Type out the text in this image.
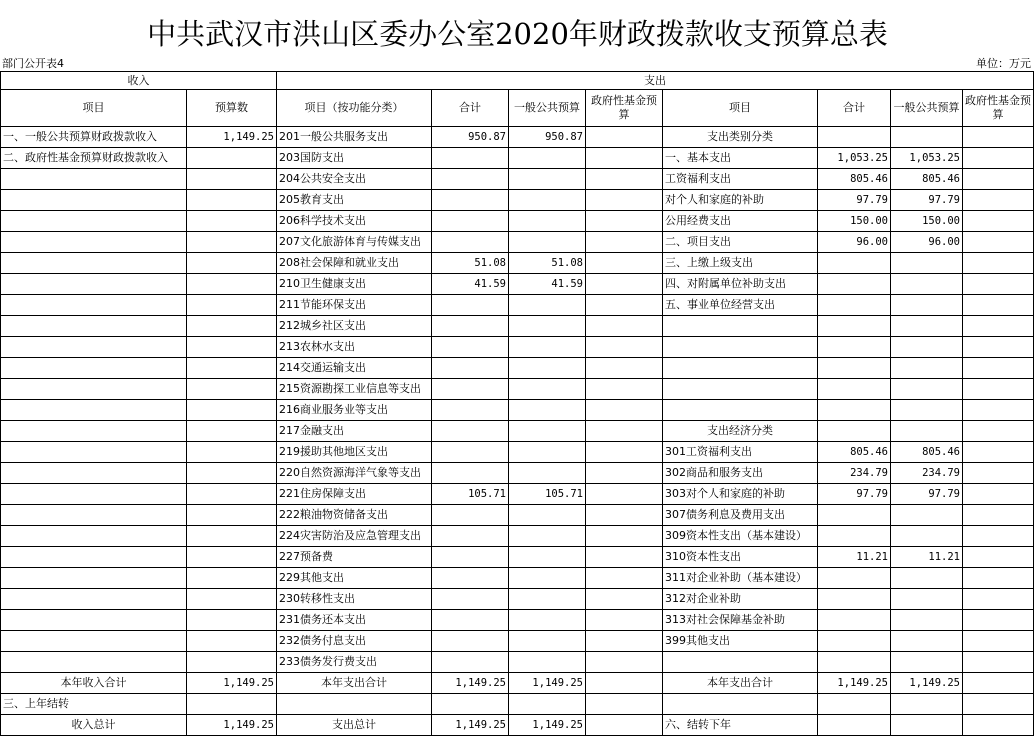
中共武汉市洪山区委办公室2020年财政拨款收支预算总表
部门公开表4	单位：万元
收入		支出							
项目	预算数	项目（按功能分类）	合计	一般公共预算	政府性基金预算	项目	合计	一般公共预算	政府性基金预算
一、一般公共预算财政拨款收入	1,149.25	201一般公共服务支出	950.87	950.87		支出类别分类			
二、政府性基金预算财政拨款收入		203国防支出				一、基本支出	1,053.25	1,053.25	
		204公共安全支出				工资福利支出	805.46	805.46	
		205教育支出				对个人和家庭的补助	97.79	97.79	
		206科学技术支出				公用经费支出	150.00	150.00	
		207文化旅游体育与传媒支出				二、项目支出	96.00	96.00	
		208社会保障和就业支出	51.08	51.08		三、上缴上级支出			
		210卫生健康支出	41.59	41.59		四、对附属单位补助支出			
		211节能环保支出				五、事业单位经营支出			
		212城乡社区支出							
		213农林水支出							
		214交通运输支出							
		215资源勘探工业信息等支出							
		216商业服务业等支出							
		217金融支出				支出经济分类			
		219援助其他地区支出				301工资福利支出	805.46	805.46	
		220自然资源海洋气象等支出				302商品和服务支出	234.79	234.79	
		221住房保障支出	105.71	105.71		303对个人和家庭的补助	97.79	97.79	
		222粮油物资储备支出				307债务利息及费用支出			
		224灾害防治及应急管理支出				309资本性支出（基本建设）			
		227预备费				310资本性支出	11.21	11.21	
		229其他支出				311对企业补助（基本建设）			
		230转移性支出				312对企业补助			
		231债务还本支出				313对社会保障基金补助			
		232债务付息支出				399其他支出			
		233债务发行费支出							
本年收入合计	1,149.25	本年支出合计	1,149.25	1,149.25		本年支出合计	1,149.25	1,149.25	
三、上年结转									
收入总计	1,149.25	支出总计	1,149.25	1,149.25		六、结转下年			
